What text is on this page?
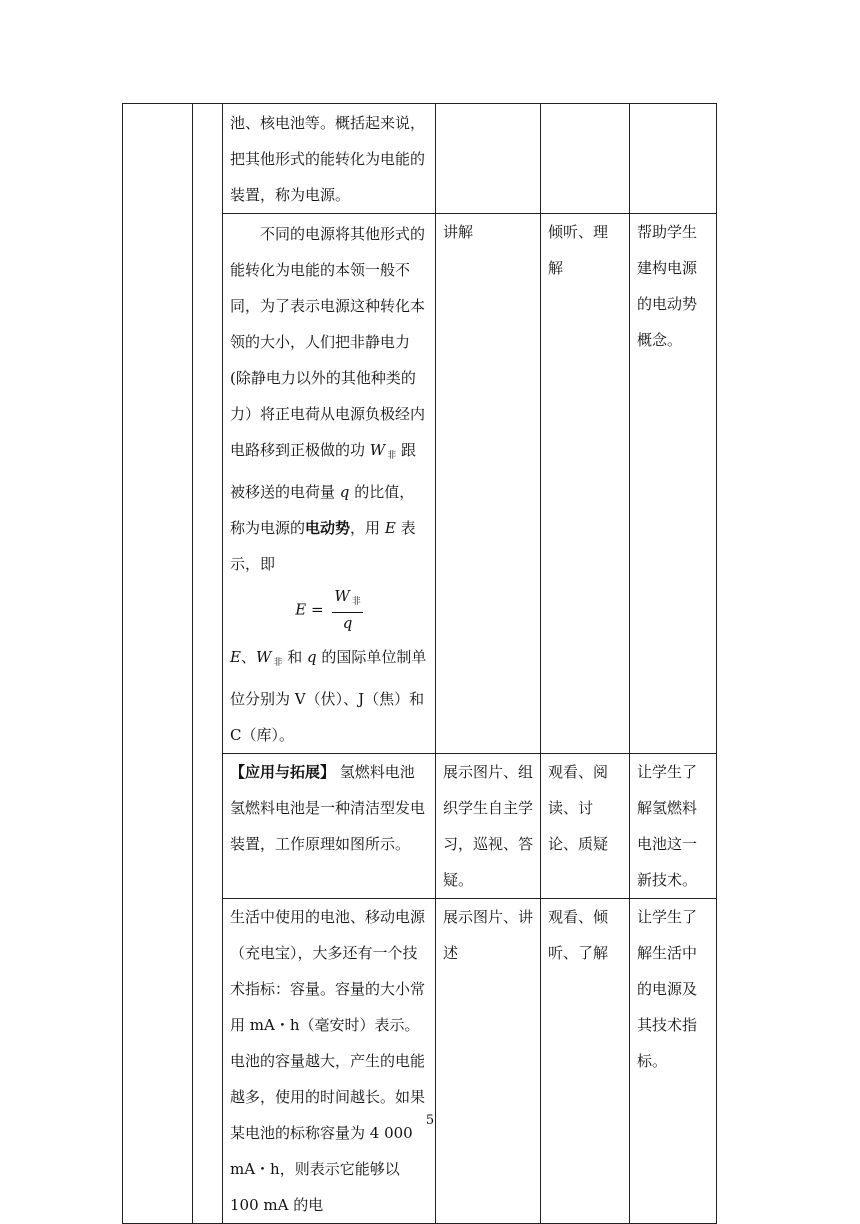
		池、核电池等。概括起来说，
把其他形式的能转化为电能的
装置，称为电源。			

		不同的电源将其他形式的能转化为电能的本领一般不同，为了表示电源这种转化本领的大小，人们把非静电力(除静电力以外的其他种类的力）将正电荷从电源负极经内电路移到正极做的功 W $_非$ 跟被移送的电荷量 q 的比值，称为电源的电动势，用 E 表示，即
$E = \frac{W _非}{q}$
E、W $_非$ 和 q 的国际单位制单位分别为 V（伏）、J（焦）和 C（库）。	讲解	倾听、理解	帮助学生建构电源的电动势概念。

		【应用与拓展】 氢燃料电池 氢燃料电池是一种清洁型发电装置，工作原理如图所示。	展示图片、组织学生自主学习，巡视、答疑。	观看、阅读、讨论、质疑	让学生了解氢燃料电池这一新技术。

		生活中使用的电池、移动电源（充电宝），大多还有一个技术指标：容量。容量的大小常用 mA・h（毫安时）表示。电池的容量越大，产生的电能越多，使用的时间越长。如果某电池的标称容量为 4 000 mA・h，则表示它能够以 100 mA 的电	展示图片、讲述	观看、倾听、了解	让学生了解生活中的电源及其技术指标。
5
